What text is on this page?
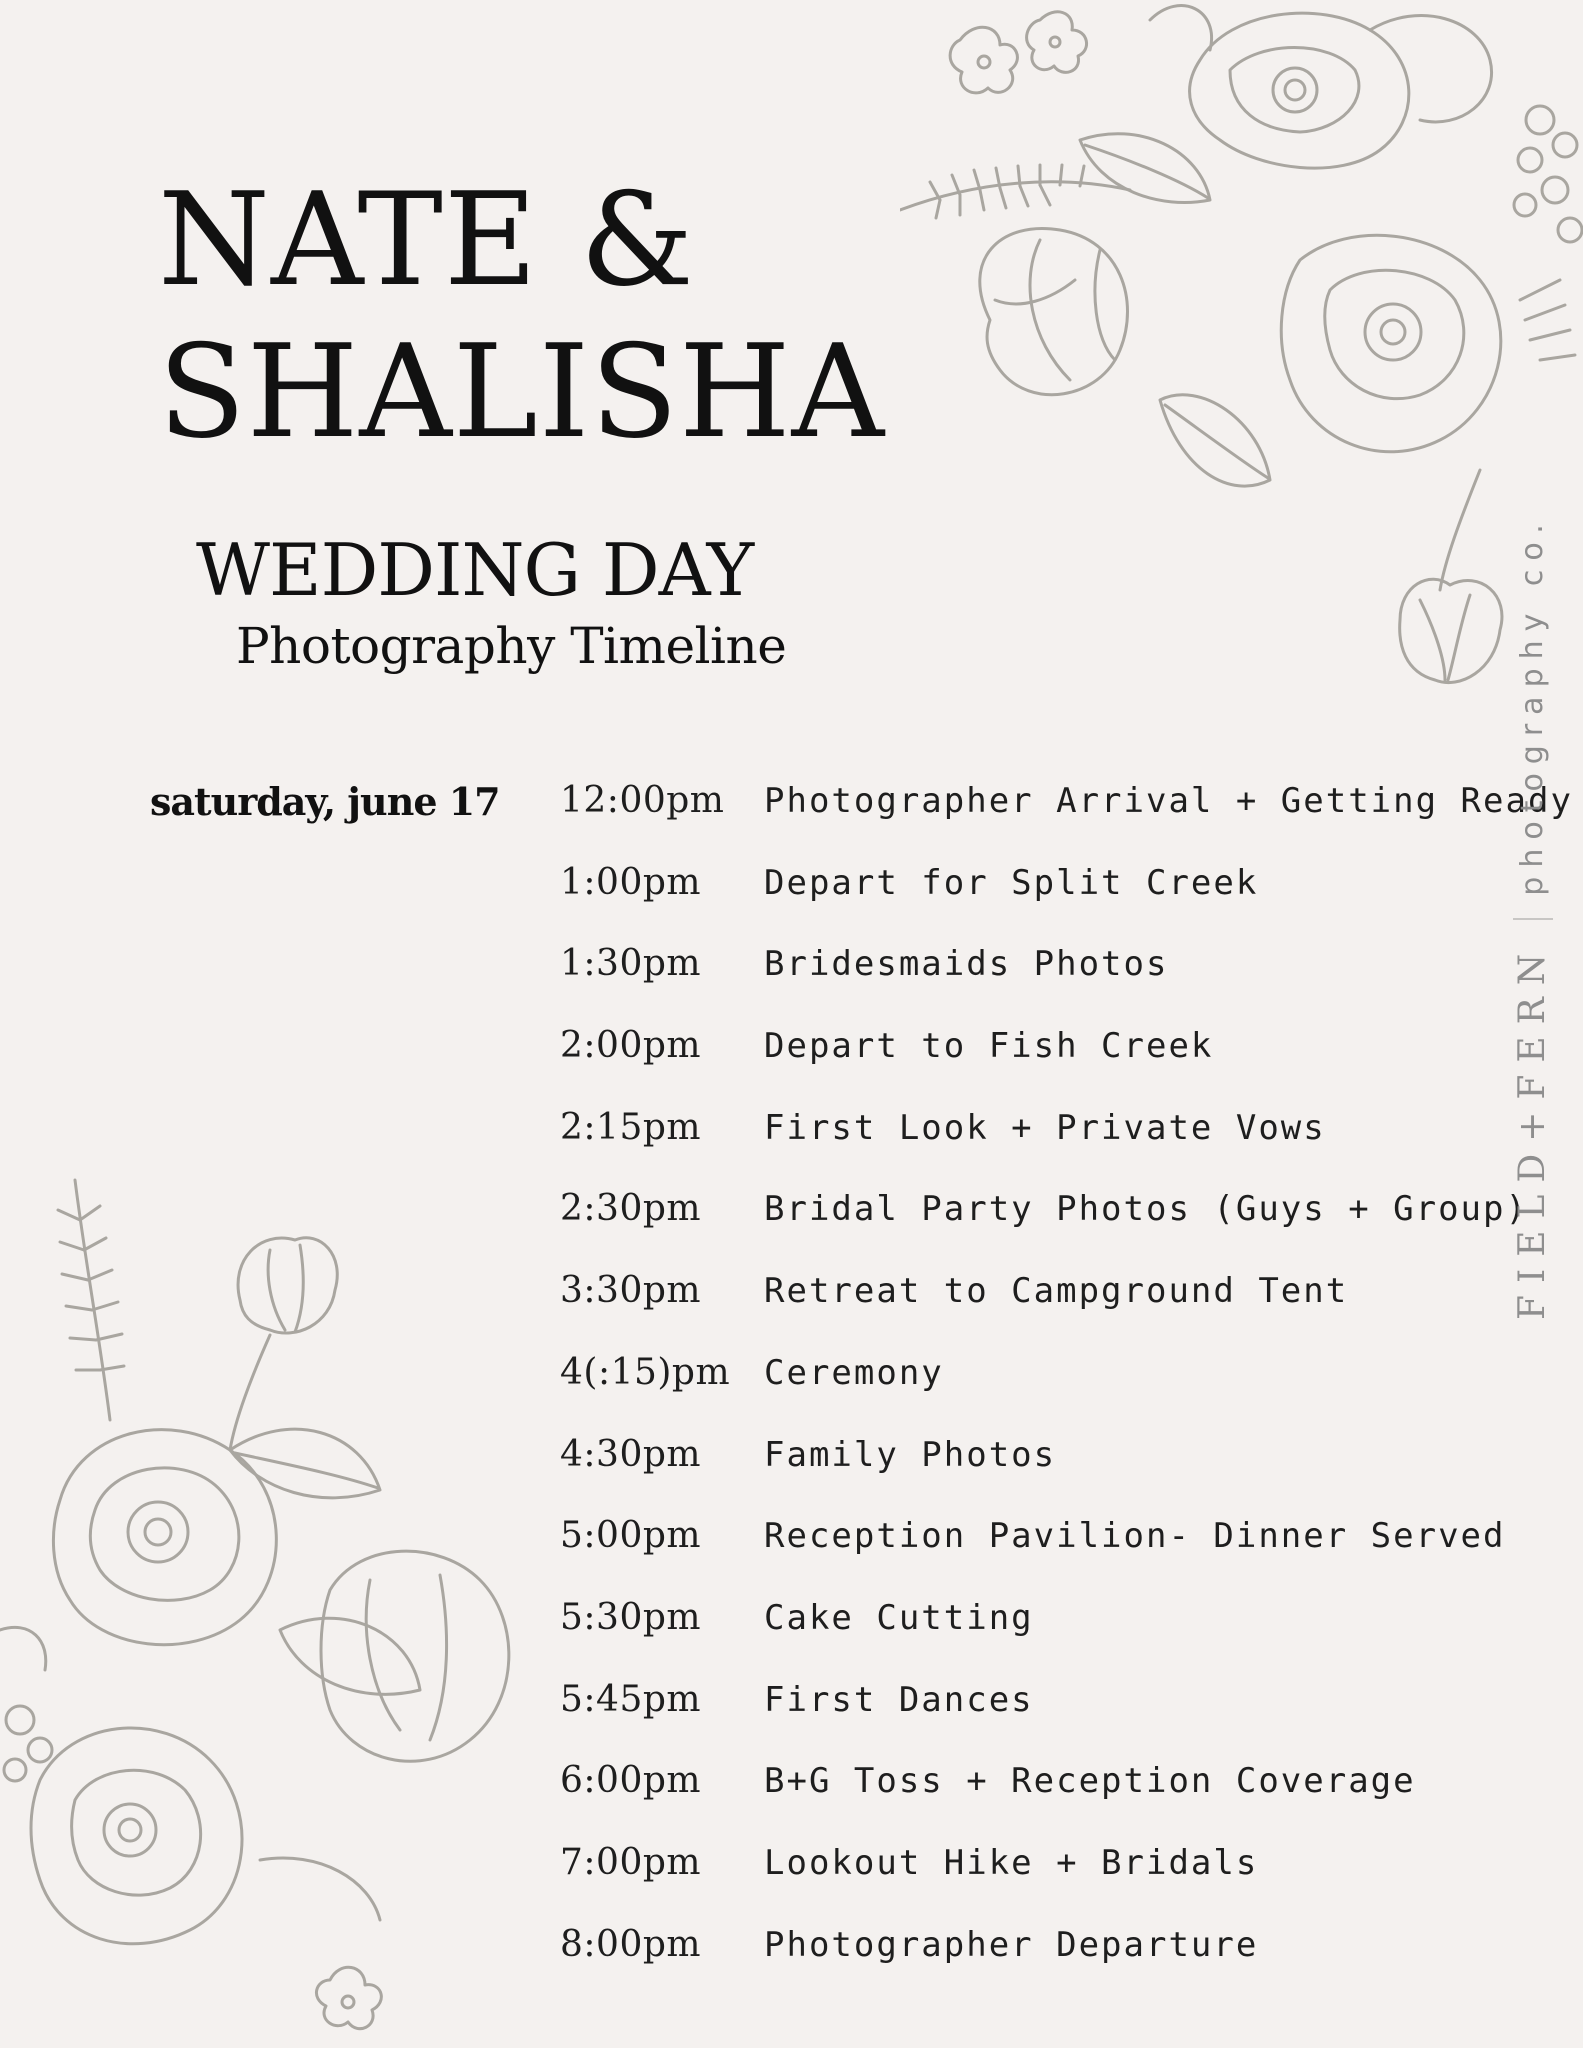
NATE &
SHALISHA
WEDDING DAY
Photography Timeline
saturday, june 17 12:00pm Photographer Arrival + Getting Ready
1:00pm Depart for Split Creek
1:30pm Bridesmaids Photos
2:00pm Depart to Fish Creek
2:15pm First Look + Private Vows
2:30pm Bridal Party Photos (Guys + Group)
3:30pm Retreat to Campground Tent
4(:15)pm Ceremony
4:30pm Family Photos
5:00pm Reception Pavilion- Dinner Served
5:30pm Cake Cutting
5:45pm First Dances
6:00pm B+G Toss + Reception Coverage
7:00pm Lookout Hike + Bridals
8:00pm Photographer Departure
FIELD+FERN
photography co.
